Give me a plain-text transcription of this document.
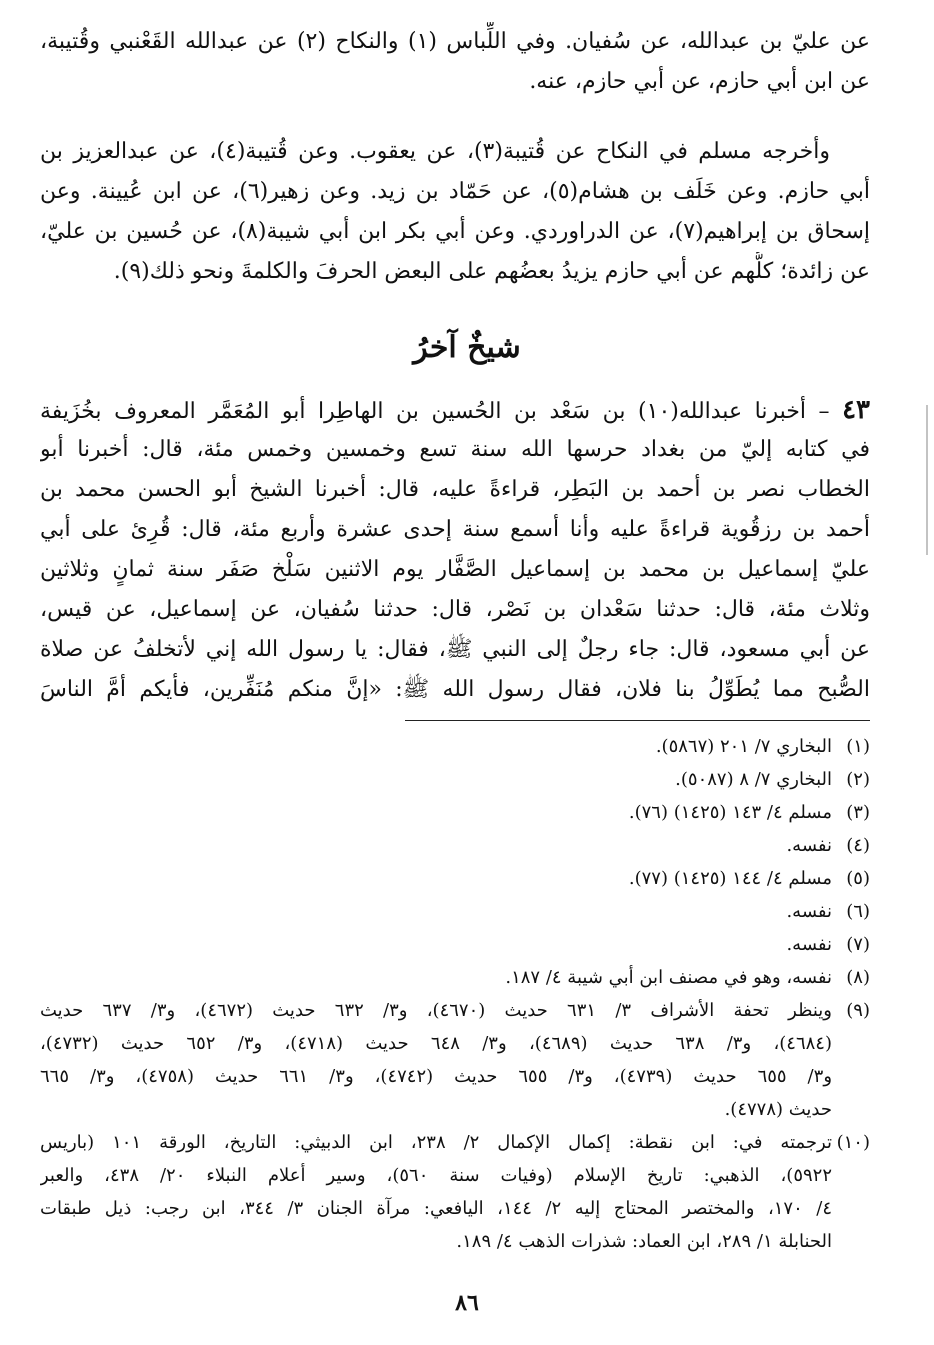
عن عليّ بن عبدالله، عن سُفيان. وفي اللِّباس (١) والنكاح (٢) عن عبدالله القَعْنبي وقُتيبة،
عن ابن أبي حازم، عن أبي حازم، عنه.
وأخرجه مسلم في النكاح عن قُتيبة(٣)، عن يعقوب. وعن قُتيبة(٤)، عن عبدالعزيز بن
أبي حازم. وعن خَلَف بن هشام(٥)، عن حَمّاد بن زيد. وعن زهير(٦)، عن ابن عُيينة. وعن
إسحاق بن إبراهيم(٧)، عن الدراوردي. وعن أبي بكر ابن أبي شيبة(٨)، عن حُسين بن عليّ،
عن زائدة؛ كلُّهم عن أبي حازم يزيدُ بعضُهم على البعض الحرفَ والكلمةَ ونحو ذلك(٩).
شيخٌ آخرُ
٤٣ – أخبرنا عبدالله(١٠) بن سَعْد بن الحُسين بن الهاطِرا أبو المُعَمَّر المعروف بخُزَيفة
في كتابه إليّ من بغداد حرسها الله سنة تسع وخمسين وخمس مئة، قال: أخبرنا أبو
الخطاب نصر بن أحمد بن البَطِر، قراءةً عليه، قال: أخبرنا الشيخ أبو الحسن محمد بن
أحمد بن رزقُوية قراءةً عليه وأنا أسمع سنة إحدى عشرة وأربع مئة، قال: قُرِئ على أبي
عليّ إسماعيل بن محمد بن إسماعيل الصَّفَّار يوم الاثنين سَلْخ صَفَر سنة ثمانٍ وثلاثين
وثلاث مئة، قال: حدثنا سَعْدان بن نَصْر، قال: حدثنا سُفيان، عن إسماعيل، عن قيس،
عن أبي مسعود، قال: جاء رجلٌ إلى النبي ﷺ، فقال: يا رسول الله إني لأتخلفُ عن صلاة
الصُّبح مما يُطَوِّلُ بنا فلان، فقال رسول الله ﷺ: «إنَّ منكم مُنَفِّرين، فأيكم أمَّ الناسَ
(١)
البخاري ٧/ ٢٠١ (٥٨٦٧).
(٢)
البخاري ٧/ ٨ (٥٠٨٧).
(٣)
مسلم ٤/ ١٤٣ (١٤٢٥) (٧٦).
(٤)
نفسه.
(٥)
مسلم ٤/ ١٤٤ (١٤٢٥) (٧٧).
(٦)
نفسه.
(٧)
نفسه.
(٨)
نفسه، وهو في مصنف ابن أبي شيبة ٤/ ١٨٧.
(٩)
وينظر تحفة الأشراف ٣/ ٦٣١ حديث (٤٦٧٠)، و٣/ ٦٣٢ حديث (٤٦٧٢)، و٣/ ٦٣٧ حديث
(٤٦٨٤)، و٣/ ٦٣٨ حديث (٤٦٨٩)، و٣/ ٦٤٨ حديث (٤٧١٨)، و٣/ ٦٥٢ حديث (٤٧٣٢)،
و٣/ ٦٥٥ حديث (٤٧٣٩)، و٣/ ٦٥٥ حديث (٤٧٤٢)، و٣/ ٦٦١ حديث (٤٧٥٨)، و٣/ ٦٦٥
حديث (٤٧٧٨).
(١٠)
ترجمته في: ابن نقطة: إكمال الإكمال ٢/ ٢٣٨، ابن الدبيثي: التاريخ، الورقة ١٠١ (باريس
٥٩٢٢)، الذهبي: تاريخ الإسلام (وفيات سنة ٥٦٠)، وسير أعلام النبلاء ٢٠/ ٤٣٨، والعبر
٤/ ١٧٠، والمختصر المحتاج إليه ٢/ ١٤٤، اليافعي: مرآة الجنان ٣/ ٣٤٤، ابن رجب: ذيل طبقات
الحنابلة ١/ ٢٨٩، ابن العماد: شذرات الذهب ٤/ ١٨٩.
٨٦
